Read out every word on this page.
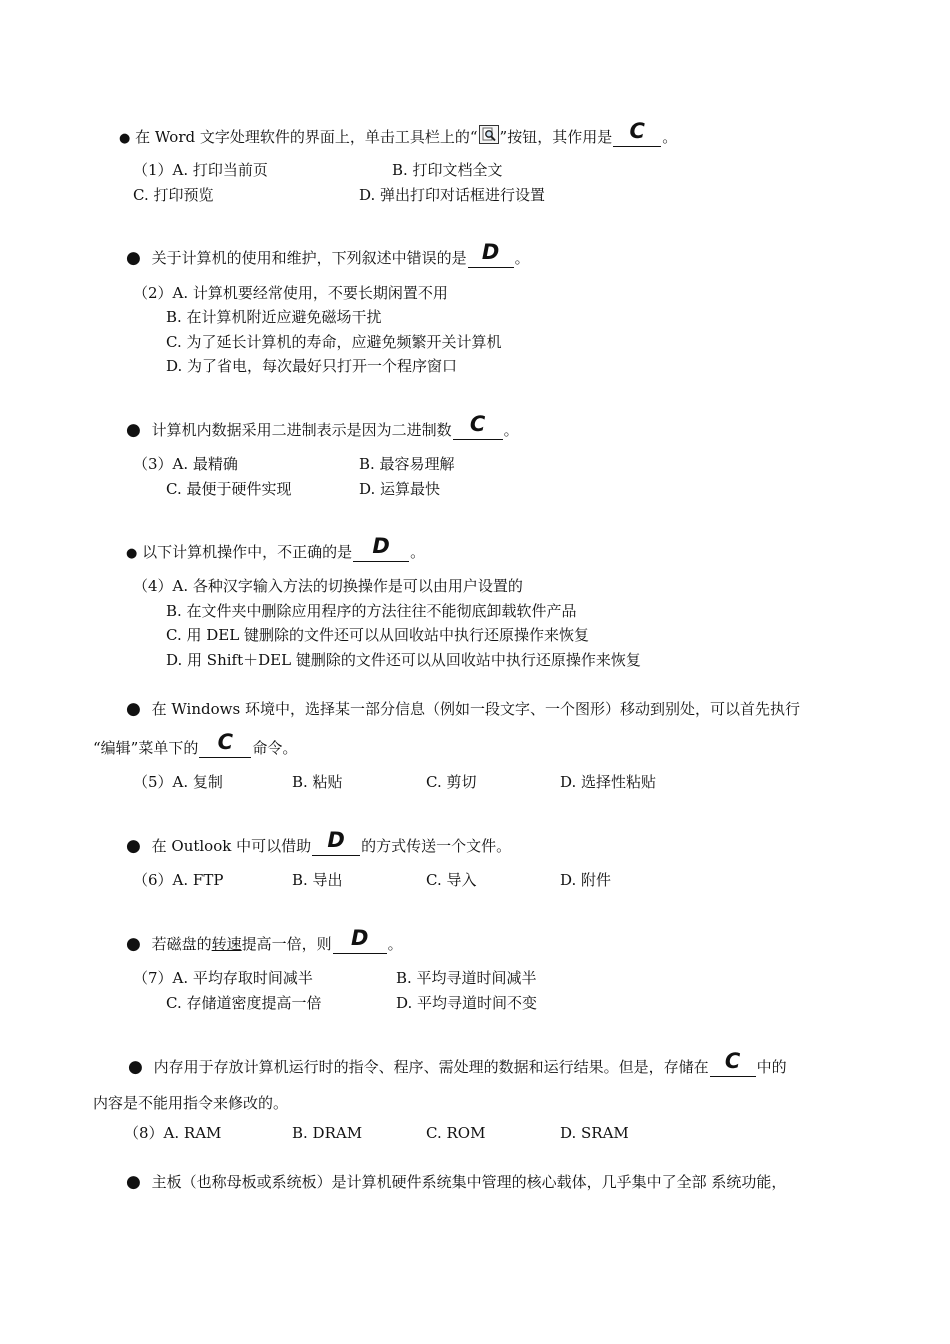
● 在 Word 文字处理软件的界面上，单击工具栏上的“ ”按钮，其作用是 C 。
（1）A. 打印当前页	B. 打印文档全文
C. 打印预览	D. 弹出打印对话框进行设置
● 关于计算机的使用和维护，下列叙述中错误的是 D 。
（2）A. 计算机要经常使用，不要长期闲置不用
B. 在计算机附近应避免磁场干扰
C. 为了延长计算机的寿命，应避免频繁开关计算机
D. 为了省电，每次最好只打开一个程序窗口
● 计算机内数据采用二进制表示是因为二进制数 C 。
（3）A. 最精确	B. 最容易理解
C. 最便于硬件实现	D. 运算最快
● 以下计算机操作中，不正确的是 D 。
（4）A. 各种汉字输入方法的切换操作是可以由用户设置的
B. 在文件夹中删除应用程序的方法往往不能彻底卸载软件产品
C. 用 DEL 键删除的文件还可以从回收站中执行还原操作来恢复
D. 用 Shift＋DEL 键删除的文件还可以从回收站中执行还原操作来恢复
● 在 Windows 环境中，选择某一部分信息（例如一段文字、一个图形）移动到别处，可以首先执行
“编辑”菜单下的 C 命令。
（5）A. 复制	B. 粘贴	C. 剪切	D. 选择性粘贴
● 在 Outlook 中可以借助 D 的方式传送一个文件。
（6）A. FTP	B. 导出	C. 导入	D. 附件
● 若磁盘的转速提高一倍，则 D 。
（7）A. 平均存取时间减半	B. 平均寻道时间减半
C. 存储道密度提高一倍	D. 平均寻道时间不变
● 内存用于存放计算机运行时的指令、程序、需处理的数据和运行结果。但是，存储在 C 中的
内容是不能用指令来修改的。
（8）A. RAM	B. DRAM	C. ROM	D. SRAM
● 主板（也称母板或系统板）是计算机硬件系统集中管理的核心载体，几乎集中了全部 系统功能，
